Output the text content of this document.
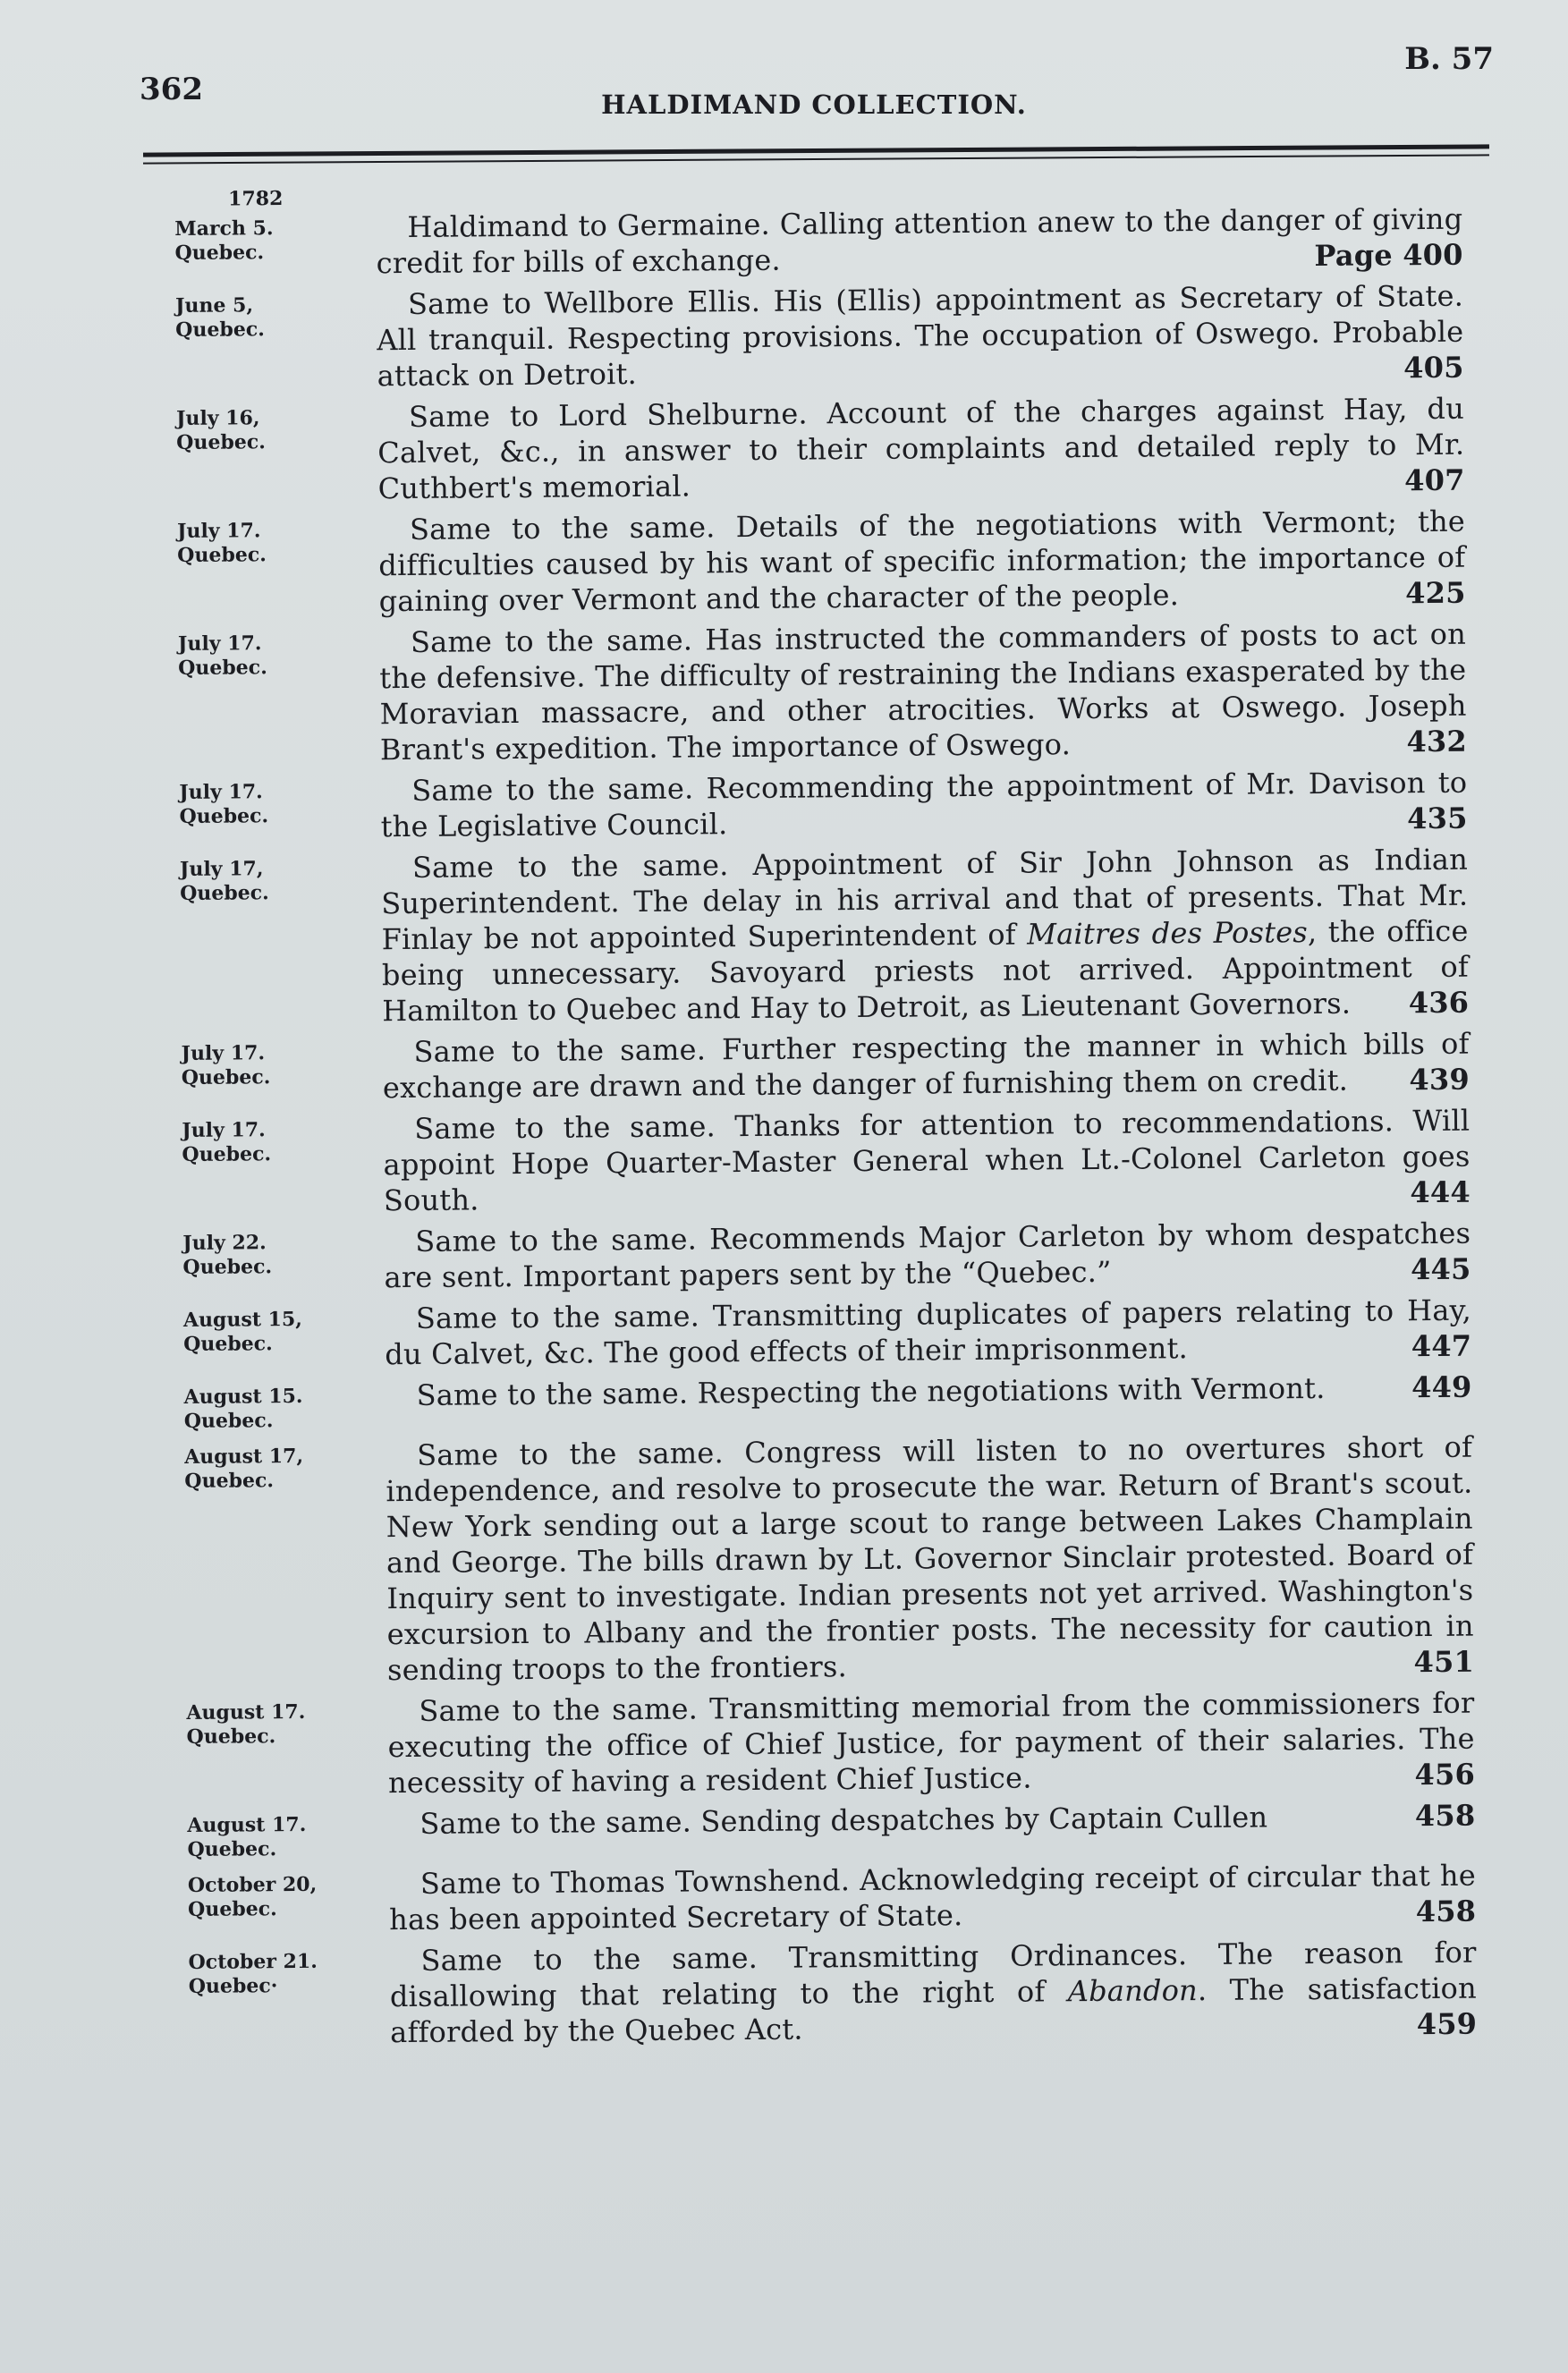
362	HALDIMAND COLLECTION.
B. 57
1782
March 5.
Quebec.
Haldimand to Germaine. Calling attention anew to the danger of giving credit for bills of exchange.	Page 400
June 5,
Quebec.
Same to Wellbore Ellis. His (Ellis) appointment as Secretary of State. All tranquil. Respecting provisions. The occupation of Oswego. Probable attack on Detroit.	405
July 16,
Quebec.
Same to Lord Shelburne. Account of the charges against Hay, du Calvet, &c., in answer to their complaints and detailed reply to Mr. Cuthbert's memorial.	407
July 17.
Quebec.
Same to the same. Details of the negotiations with Vermont; the difficulties caused by his want of specific information; the importance of gaining over Vermont and the character of the people.	425
July 17.
Quebec.
Same to the same. Has instructed the commanders of posts to act on the defensive. The difficulty of restraining the Indians exasperated by the Moravian massacre, and other atrocities. Works at Oswego. Joseph Brant's expedition. The importance of Oswego.	432
July 17.
Quebec.
Same to the same. Recommending the appointment of Mr. Davison to the Legislative Council.	435
July 17,
Quebec.
Same to the same. Appointment of Sir John Johnson as Indian Superintendent. The delay in his arrival and that of presents. That Mr. Finlay be not appointed Superintendent of Maitres des Postes, the office being unnecessary. Savoyard priests not arrived. Appointment of Hamilton to Quebec and Hay to Detroit, as Lieutenant Governors. 436
July 17.
Quebec.
Same to the same. Further respecting the manner in which bills of exchange are drawn and the danger of furnishing them on credit. 439
July 17.
Quebec.
Same to the same. Thanks for attention to recommendations. Will appoint Hope Quarter-Master General when Lt.-Colonel Carleton goes South.	444
July 22.
Quebec.
Same to the same. Recommends Major Carleton by whom despatches are sent. Important papers sent by the “Quebec.”	445
August 15,
Quebec.
Same to the same. Transmitting duplicates of papers relating to Hay, du Calvet, &c. The good effects of their imprisonment.	447
August 15.
Quebec.
Same to the same. Respecting the negotiations with Vermont.	449
August 17,
Quebec.
Same to the same. Congress will listen to no overtures short of independence, and resolve to prosecute the war. Return of Brant's scout. New York sending out a large scout to range between Lakes Champlain and George. The bills drawn by Lt. Governor Sinclair protested. Board of Inquiry sent to investigate. Indian presents not yet arrived. Washington's excursion to Albany and the frontier posts. The necessity for caution in sending troops to the frontiers.	451
August 17.
Quebec.
Same to the same. Transmitting memorial from the commissioners for executing the office of Chief Justice, for payment of their salaries. The necessity of having a resident Chief Justice.	456
August 17.
Quebec.
Same to the same. Sending despatches by Captain Cullen	458
October 20,
Quebec.
Same to Thomas Townshend. Acknowledging receipt of circular that he has been appointed Secretary of State.	458
October 21.
Quebec·
Same to the same. Transmitting Ordinances. The reason for disallowing that relating to the right of Abandon. The satisfaction afforded by the Quebec Act.	459
